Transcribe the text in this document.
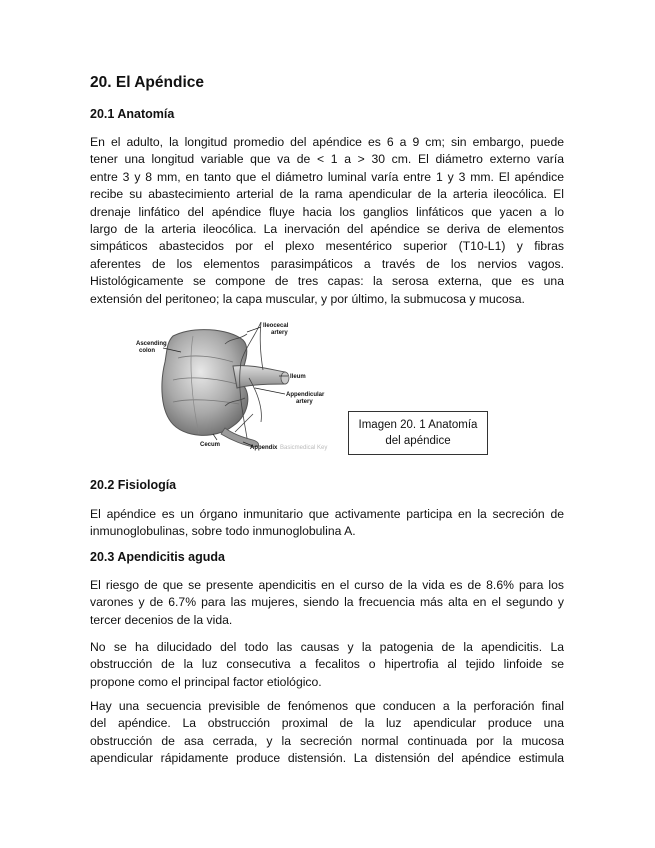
20. El Apéndice
20.1 Anatomía

En el adulto, la longitud promedio del apéndice es 6 a 9 cm; sin embargo, puede
tener una longitud variable que va de < 1 a > 30 cm. El diámetro externo varía
entre 3 y 8 mm, en tanto que el diámetro luminal varía entre 1 y 3 mm. El apéndice
recibe su abastecimiento arterial de la rama apendicular de la arteria ileocólica. El
drenaje linfático del apéndice fluye hacia los ganglios linfáticos que yacen a lo
largo de la arteria ileocólica. La inervación del apéndice se deriva de elementos
simpáticos abastecidos por el plexo mesentérico superior (T10-L1) y fibras
aferentes de los elementos parasimpáticos a través de los nervios vagos.
Histológicamente se compone de tres capas: la serosa externa, que es una
extensión del peritoneo; la capa muscular, y por último, la submucosa y mucosa.

Ileocecal
artery
Ascending
colon
Ileum
Appendicular
artery
Cecum	Appendix Basicmedical Key
Imagen 20. 1 Anatomía
del apéndice
20.2 Fisiología

El apéndice es un órgano inmunitario que activamente participa en la secreción de
inmunoglobulinas, sobre todo inmunoglobulina A.

20.3 Apendicitis aguda

El riesgo de que se presente apendicitis en el curso de la vida es de 8.6% para los
varones y de 6.7% para las mujeres, siendo la frecuencia más alta en el segundo y
tercer decenios de la vida.

No se ha dilucidado del todo las causas y la patogenia de la apendicitis. La
obstrucción de la luz consecutiva a fecalitos o hipertrofia al tejido linfoide se
propone como el principal factor etiológico.

Hay una secuencia previsible de fenómenos que conducen a la perforación final
del apéndice. La obstrucción proximal de la luz apendicular produce una
obstrucción de asa cerrada, y la secreción normal continuada por la mucosa
apendicular rápidamente produce distensión. La distensión del apéndice estimula
